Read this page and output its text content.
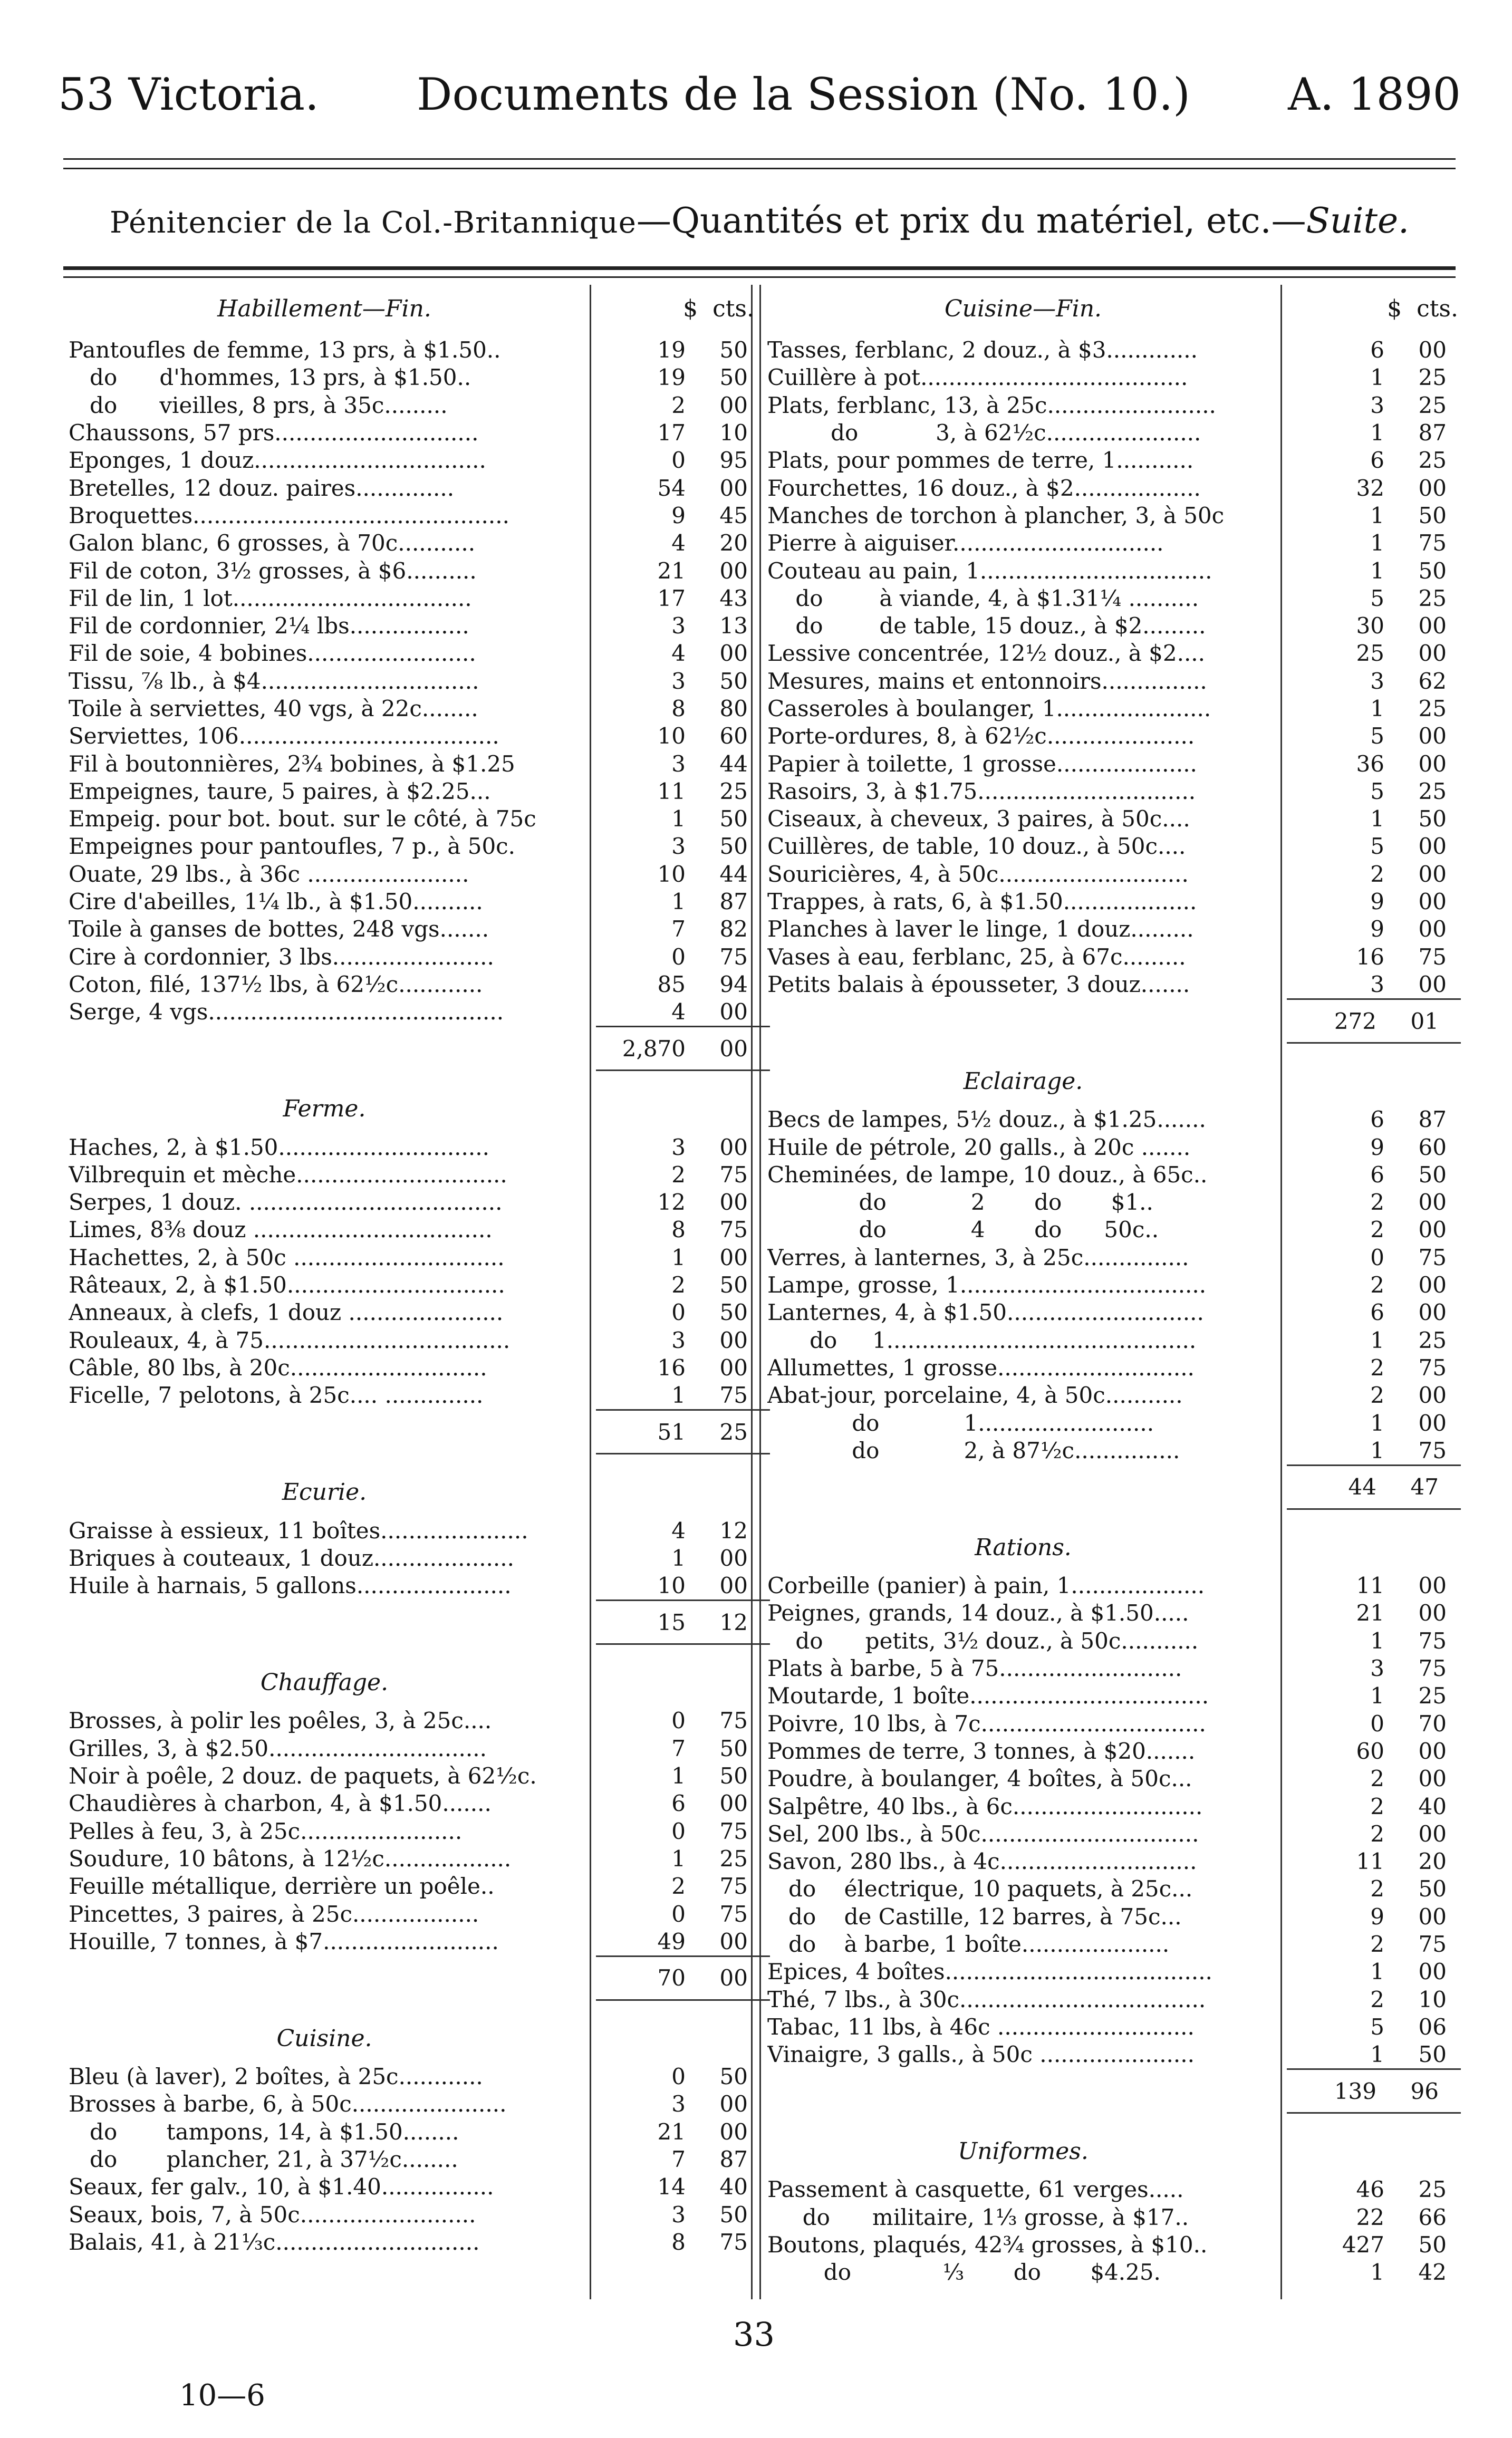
53 Victoria. Documents de la Session (No. 10.) A. 1890
Pénitencier de la Col.-Britannique—Quantités et prix du matériel, etc.—Suite.
Habillement—Fin.	$ cts.
Pantoufles de femme, 13 prs, à $1.50..	19	50
do      d'hommes, 13 prs, à $1.50..	19	50
do      vieilles, 8 prs, à 35c.........	2	00
Chaussons, 57 prs.............................	17	10
Eponges, 1 douz.................................	0	95
Bretelles, 12 douz. paires..............	54	00
Broquettes.............................................	9	45
Galon blanc, 6 grosses, à 70c...........	4	20
Fil de coton, 3½ grosses, à $6..........	21	00
Fil de lin, 1 lot..................................	17	43
Fil de cordonnier, 2¼ lbs.................	3	13
Fil de soie, 4 bobines........................	4	00
Tissu, ⅞ lb., à $4...............................	3	50
Toile à serviettes, 40 vgs, à 22c........	8	80
Serviettes, 106.....................................	10	60
Fil à boutonnières, 2¾ bobines, à $1.25	3	44
Empeignes, taure, 5 paires, à $2.25...	11	25
Empeig. pour bot. bout. sur le côté, à 75c	1	50
Empeignes pour pantoufles, 7 p., à 50c.	3	50
Ouate, 29 lbs., à 36c .......................	10	44
Cire d'abeilles, 1¼ lb., à $1.50..........	1	87
Toile à ganses de bottes, 248 vgs.......	7	82
Cire à cordonnier, 3 lbs.......................	0	75
Coton, filé, 137½ lbs, à 62½c............	85	94
Serge, 4 vgs..........................................	4	00
2,870	00
Ferme.
Haches, 2, à $1.50..............................	3	00
Vilbrequin et mèche..............................	2	75
Serpes, 1 douz. ....................................	12	00
Limes, 8⅜ douz ..................................	8	75
Hachettes, 2, à 50c ..............................	1	00
Râteaux, 2, à $1.50...............................	2	50
Anneaux, à clefs, 1 douz ......................	0	50
Rouleaux, 4, à 75...................................	3	00
Câble, 80 lbs, à 20c............................	16	00
Ficelle, 7 pelotons, à 25c.... ..............	1	75
51	25
Ecurie.
Graisse à essieux, 11 boîtes.....................	4	12
Briques à couteaux, 1 douz....................	1	00
Huile à harnais, 5 gallons......................	10	00
15	12
Chauffage.
Brosses, à polir les poêles, 3, à 25c....	0	75
Grilles, 3, à $2.50...............................	7	50
Noir à poêle, 2 douz. de paquets, à 62½c.	1	50
Chaudières à charbon, 4, à $1.50.......	6	00
Pelles à feu, 3, à 25c.......................	0	75
Soudure, 10 bâtons, à 12½c..................	1	25
Feuille métallique, derrière un poêle..	2	75
Pincettes, 3 paires, à 25c..................	0	75
Houille, 7 tonnes, à $7.........................	49	00
70	00
Cuisine.
Bleu (à laver), 2 boîtes, à 25c............	0	50
Brosses à barbe, 6, à 50c......................	3	00
do       tampons, 14, à $1.50........	21	00
do       plancher, 21, à 37½c........	7	87
Seaux, fer galv., 10, à $1.40................	14	40
Seaux, bois, 7, à 50c.........................	3	50
Balais, 41, à 21⅓c.............................	8	75
Cuisine—Fin.	$ cts.
Tasses, ferblanc, 2 douz., à $3.............	6	00
Cuillère à pot......................................	1	25
Plats, ferblanc, 13, à 25c........................	3	25
do           3, à 62½c......................	1	87
Plats, pour pommes de terre, 1...........	6	25
Fourchettes, 16 douz., à $2..................	32	00
Manches de torchon à plancher, 3, à 50c	1	50
Pierre à aiguiser..............................	1	75
Couteau au pain, 1.................................	1	50
do        à viande, 4, à $1.31¼ ..........	5	25
do        de table, 15 douz., à $2.........	30	00
Lessive concentrée, 12½ douz., à $2....	25	00
Mesures, mains et entonnoirs...............	3	62
Casseroles à boulanger, 1......................	1	25
Porte-ordures, 8, à 62½c.....................	5	00
Papier à toilette, 1 grosse....................	36	00
Rasoirs, 3, à $1.75...............................	5	25
Ciseaux, à cheveux, 3 paires, à 50c....	1	50
Cuillères, de table, 10 douz., à 50c....	5	00
Souricières, 4, à 50c...........................	2	00
Trappes, à rats, 6, à $1.50...................	9	00
Planches à laver le linge, 1 douz.........	9	00
Vases à eau, ferblanc, 25, à 67c.........	16	75
Petits balais à épousseter, 3 douz.......	3	00
272	01
Eclairage.
Becs de lampes, 5½ douz., à $1.25.......	6	87
Huile de pétrole, 20 galls., à 20c .......	9	60
Cheminées, de lampe, 10 douz., à 65c..	6	50
do            2       do       $1..	2	00
do            4       do      50c..	2	00
Verres, à lanternes, 3, à 25c...............	0	75
Lampe, grosse, 1...................................	2	00
Lanternes, 4, à $1.50............................	6	00
do     1............................................	1	25
Allumettes, 1 grosse............................	2	75
Abat-jour, porcelaine, 4, à 50c...........	2	00
do            1.........................	1	00
do            2, à 87½c...............	1	75
44	47
Rations.
Corbeille (panier) à pain, 1...................	11	00
Peignes, grands, 14 douz., à $1.50.....	21	00
do      petits, 3½ douz., à 50c...........	1	75
Plats à barbe, 5 à 75..........................	3	75
Moutarde, 1 boîte..................................	1	25
Poivre, 10 lbs, à 7c................................	0	70
Pommes de terre, 3 tonnes, à $20.......	60	00
Poudre, à boulanger, 4 boîtes, à 50c...	2	00
Salpêtre, 40 lbs., à 6c...........................	2	40
Sel, 200 lbs., à 50c...............................	2	00
Savon, 280 lbs., à 4c............................	11	20
do    électrique, 10 paquets, à 25c...	2	50
do    de Castille, 12 barres, à 75c...	9	00
do    à barbe, 1 boîte.....................	2	75
Epices, 4 boîtes......................................	1	00
Thé, 7 lbs., à 30c...................................	2	10
Tabac, 11 lbs, à 46c ............................	5	06
Vinaigre, 3 galls., à 50c ......................	1	50
139	96
Uniformes.
Passement à casquette, 61 verges.....	46	25
do      militaire, 1⅓ grosse, à $17..	22	66
Boutons, plaqués, 42¾ grosses, à $10..	427	50
do             ⅓       do       $4.25.	1	42
33
10—6
